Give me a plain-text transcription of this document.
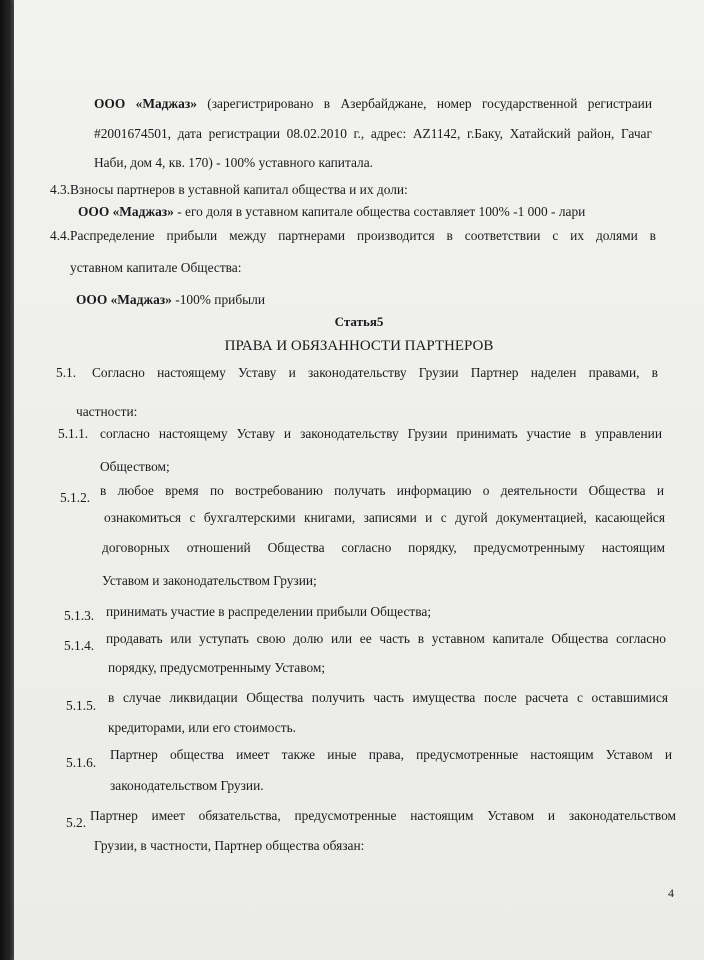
ООО «Маджаз» (зарегистрировано в Азербайджане, номер государственной регистраии
#2001674501, дата регистрации 08.02.2010 г., адрес: AZ1142, г.Баку, Хатайский район, Гачаг
Наби, дом 4, кв. 170) - 100% уставного капитала.
4.3. Взносы партнеров в уставной капитал общества и их доли:
ООО «Маджаз» - его доля в уставном капитале общества составляет 100% -1 000 - лари
4.4. Распределение прибыли между партнерами производится в соответствии с их долями в
уставном капитале Общества:
ООО «Маджаз» -100% прибыли
Статья5
ПРАВА И ОБЯЗАННОСТИ ПАРТНЕРОВ
5.1. Согласно настоящему Уставу и законодательству Грузии Партнер наделен правами, в
частности:
5.1.1. согласно настоящему Уставу и законодательству Грузии принимать участие в управлении
Обществом;
5.1.2. в любое время по востребованию получать информацию о деятельности Общества и
ознакомиться с бухгалтерскими книгами, записями и с дугой документацией, касающейся
договорных отношений Общества согласно порядку, предусмотренныму настоящим
Уставом и законодательством Грузии;
5.1.3. принимать участие в распределении прибыли Общества;
5.1.4. продавать или уступать свою долю или ее часть в уставном капитале Общества согласно
порядку, предусмотренныму Уставом;
5.1.5.
в случае ликвидации Общества получить часть имущества после расчета с оставшимися
кредиторами, или его стоимость.
5.1.6.
Партнер общества имеет также иные права, предусмотренные настоящим Уставом и
законодательством Грузии.
5.2. Партнер имеет обязательства, предусмотренные настоящим Уставом и законодательством
Грузии, в частности, Партнер общества обязан:
4
